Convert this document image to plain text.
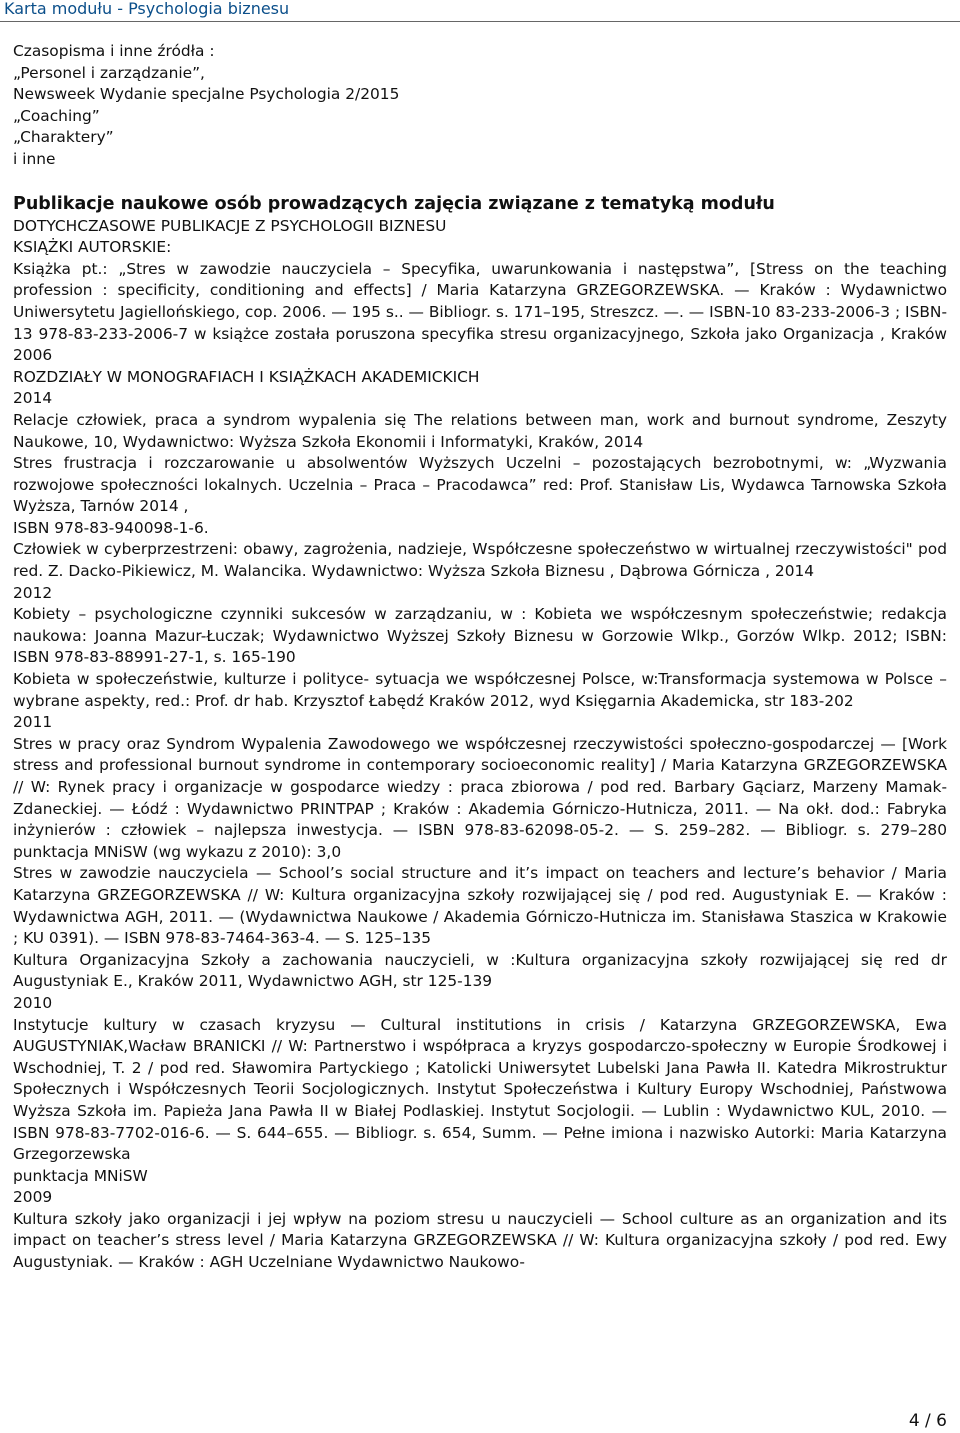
Karta modułu - Psychologia biznesu
Czasopisma i inne źródła :
„Personel i zarządzanie”,
Newsweek Wydanie specjalne Psychologia 2/2015
„Coaching”
„Charaktery”
i inne
Publikacje naukowe osób prowadzących zajęcia związane z tematyką modułu
DOTYCHCZASOWE PUBLIKACJE Z PSYCHOLOGII BIZNESU
KSIĄŻKI AUTORSKIE:
Książka pt.: „Stres w zawodzie nauczyciela – Specyfika, uwarunkowania i następstwa”, [Stress on the teaching profession : specificity, conditioning and effects] / Maria Katarzyna GRZEGORZEWSKA. — Kraków : Wydawnictwo Uniwersytetu Jagiellońskiego, cop. 2006. — 195 s.. — Bibliogr. s. 171–195, Streszcz. —. — ISBN-10 83-233-2006-3 ; ISBN-13 978-83-233-2006-7 w książce została poruszona specyfika stresu organizacyjnego, Szkoła jako Organizacja , Kraków 2006
ROZDZIAŁY W MONOGRAFIACH I KSIĄŻKACH AKADEMICKICH
2014
Relacje człowiek, praca a syndrom wypalenia się The relations between man, work and burnout syndrome, Zeszyty Naukowe, 10, Wydawnictwo: Wyższa Szkoła Ekonomii i Informatyki, Kraków, 2014
Stres frustracja i rozczarowanie u absolwentów Wyższych Uczelni – pozostających bezrobotnymi, w: „Wyzwania rozwojowe społeczności lokalnych. Uczelnia – Praca – Pracodawca” red: Prof. Stanisław Lis, Wydawca Tarnowska Szkoła Wyższa, Tarnów 2014 ,
ISBN 978-83-940098-1-6.
Człowiek w cyberprzestrzeni: obawy, zagrożenia, nadzieje, Współczesne społeczeństwo w wirtualnej rzeczywistości" pod red. Z. Dacko-Pikiewicz, M. Walancika. Wydawnictwo: Wyższa Szkoła Biznesu , Dąbrowa Górnicza , 2014
2012
Kobiety – psychologiczne czynniki sukcesów w zarządzaniu, w : Kobieta we współczesnym społeczeństwie; redakcja naukowa: Joanna Mazur-Łuczak; Wydawnictwo Wyższej Szkoły Biznesu w Gorzowie Wlkp., Gorzów Wlkp. 2012; ISBN: ISBN 978-83-88991-27-1, s. 165-190
Kobieta w społeczeństwie, kulturze i polityce- sytuacja we współczesnej Polsce, w:Transformacja systemowa w Polsce – wybrane aspekty, red.: Prof. dr hab. Krzysztof Łabędź Kraków 2012, wyd Księgarnia Akademicka, str 183-202
2011
Stres w pracy oraz Syndrom Wypalenia Zawodowego we współczesnej rzeczywistości społeczno-gospodarczej — [Work stress and professional burnout syndrome in contemporary socioeconomic reality] / Maria Katarzyna GRZEGORZEWSKA // W: Rynek pracy i organizacje w gospodarce wiedzy : praca zbiorowa / pod red. Barbary Gąciarz, Marzeny Mamak-Zdaneckiej. — Łódź : Wydawnictwo PRINTPAP ; Kraków : Akademia Górniczo-Hutnicza, 2011. — Na okł. dod.: Fabryka inżynierów : człowiek – najlepsza inwestycja. — ISBN 978-83-62098-05-2. — S. 259–282. — Bibliogr. s. 279–280 punktacja MNiSW (wg wykazu z 2010): 3,0
Stres w zawodzie nauczyciela — School’s social structure and it’s impact on teachers and lecture’s behavior / Maria Katarzyna GRZEGORZEWSKA // W: Kultura organizacyjna szkoły rozwijającej się / pod red. Augustyniak E. — Kraków : Wydawnictwa AGH, 2011. — (Wydawnictwa Naukowe / Akademia Górniczo-Hutnicza im. Stanisława Staszica w Krakowie ; KU 0391). — ISBN 978-83-7464-363-4. — S. 125–135
Kultura Organizacyjna Szkoły a zachowania nauczycieli, w :Kultura organizacyjna szkoły rozwijającej się red dr Augustyniak E., Kraków 2011, Wydawnictwo AGH, str 125-139
2010
Instytucje kultury w czasach kryzysu — Cultural institutions in crisis / Katarzyna GRZEGORZEWSKA, Ewa AUGUSTYNIAK,Wacław BRANICKI // W: Partnerstwo i współpraca a kryzys gospodarczo-społeczny w Europie Środkowej i Wschodniej, T. 2 / pod red. Sławomira Partyckiego ; Katolicki Uniwersytet Lubelski Jana Pawła II. Katedra Mikrostruktur Społecznych i Współczesnych Teorii Socjologicznych. Instytut Społeczeństwa i Kultury Europy Wschodniej, Państwowa Wyższa Szkoła im. Papieża Jana Pawła II w Białej Podlaskiej. Instytut Socjologii. — Lublin : Wydawnictwo KUL, 2010. — ISBN 978-83-7702-016-6. — S. 644–655. — Bibliogr. s. 654, Summ. — Pełne imiona i nazwisko Autorki: Maria Katarzyna Grzegorzewska
punktacja MNiSW
2009
Kultura szkoły jako organizacji i jej wpływ na poziom stresu u nauczycieli — School culture as an organization and its impact on teacher’s stress level / Maria Katarzyna GRZEGORZEWSKA // W: Kultura organizacyjna szkoły / pod red. Ewy Augustyniak. — Kraków : AGH Uczelniane Wydawnictwo Naukowo-
4 / 6
